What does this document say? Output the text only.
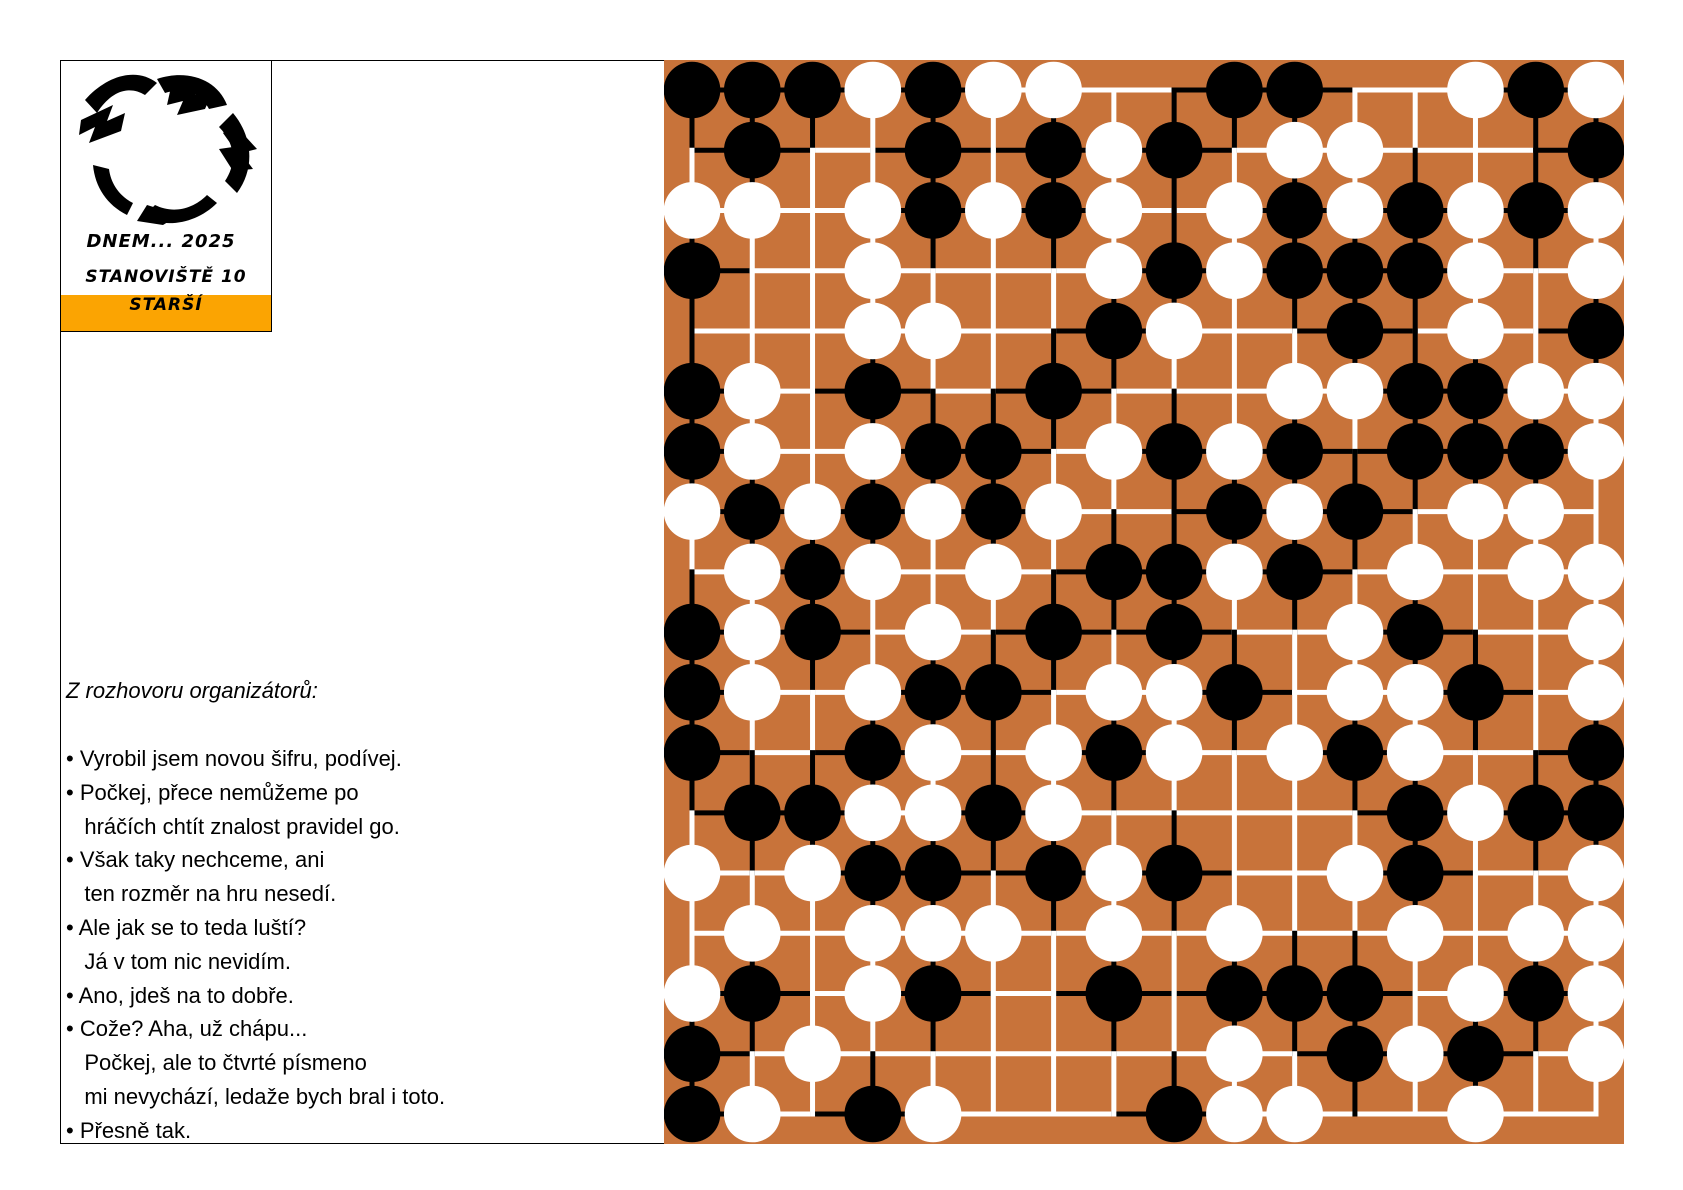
DNEM... 2025
STANOVIŠTĚ 10
STARŠÍ
Z rozhovoru organizátorů:
• Vyrobil jsem novou šifru, podívej.
• Počkej, přece nemůžeme po
hráčích chtít znalost pravidel go.
• Však taky nechceme, ani
ten rozměr na hru nesedí.
• Ale jak se to teda luští?
Já v tom nic nevidím.
• Ano, jdeš na to dobře.
• Cože? Aha, už chápu...
Počkej, ale to čtvrté písmeno
mi nevychází, ledaže bych bral i toto.
• Přesně tak.
